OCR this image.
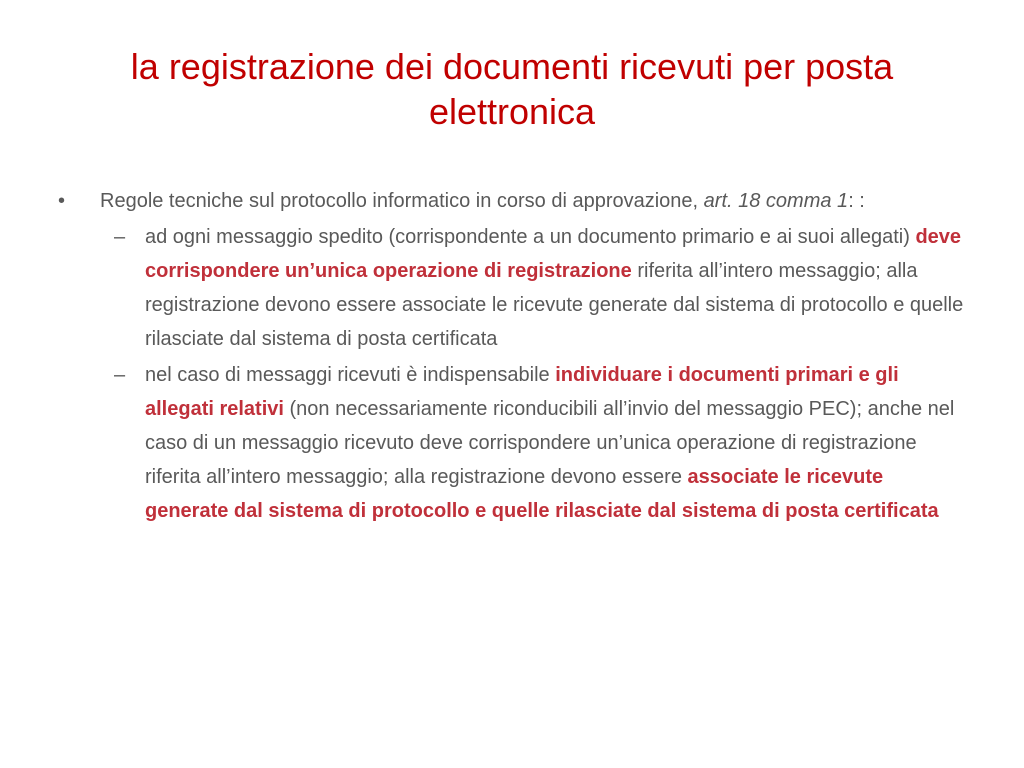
la registrazione dei documenti ricevuti per posta elettronica
•	Regole tecniche sul protocollo informatico in corso di approvazione, art. 18 comma 1: :
– ad ogni messaggio spedito (corrispondente a un documento primario e ai suoi allegati) deve corrispondere un’unica operazione di registrazione riferita all’intero messaggio; alla registrazione devono essere associate le ricevute generate dal sistema di protocollo e quelle rilasciate dal sistema di posta certificata
– nel caso di messaggi ricevuti è indispensabile individuare i documenti primari e gli allegati relativi (non necessariamente riconducibili all’invio del messaggio PEC); anche nel caso di un messaggio ricevuto deve corrispondere un’unica operazione di registrazione riferita all’intero messaggio; alla registrazione devono essere associate le ricevute generate dal sistema di protocollo e quelle rilasciate dal sistema di posta certificata
